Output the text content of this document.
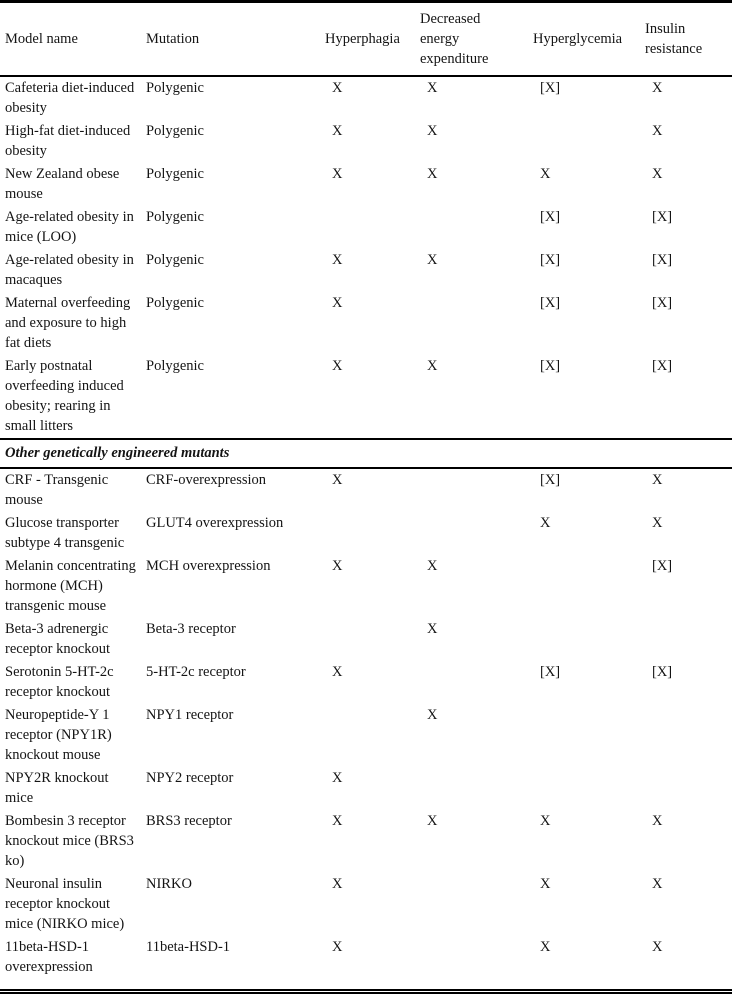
Model name	Mutation	Hyperphagia	Decreased energy expenditure	Hyperglycemia	Insulin resistance
Cafeteria diet-induced obesity	Polygenic	X	X	[X]	X
High-fat diet-induced obesity	Polygenic	X	X		X
New Zealand obese mouse	Polygenic	X	X	X	X
Age-related obesity in mice (LOO)	Polygenic			[X]	[X]
Age-related obesity in macaques	Polygenic	X	X	[X]	[X]
Maternal overfeeding and exposure to high fat diets	Polygenic	X		[X]	[X]
Early postnatal overfeeding induced obesity; rearing in small litters	Polygenic	X	X	[X]	[X]
Other genetically engineered mutants					
CRF - Transgenic mouse	CRF-overexpression	X		[X]	X
Glucose transporter subtype 4 transgenic	GLUT4 overexpression			X	X
Melanin concentrating hormone (MCH) transgenic mouse	MCH overexpression	X	X		[X]
Beta-3 adrenergic receptor knockout	Beta-3 receptor		X		
Serotonin 5-HT-2c receptor knockout	5-HT-2c receptor	X		[X]	[X]
Neuropeptide-Y 1 receptor (NPY1R) knockout mouse	NPY1 receptor		X		
NPY2R knockout mice	NPY2 receptor	X			
Bombesin 3 receptor knockout mice (BRS3 ko)	BRS3 receptor	X	X	X	X
Neuronal insulin receptor knockout mice (NIRKO mice)	NIRKO	X		X	X
11beta-HSD-1 overexpression	11beta-HSD-1	X		X	X
